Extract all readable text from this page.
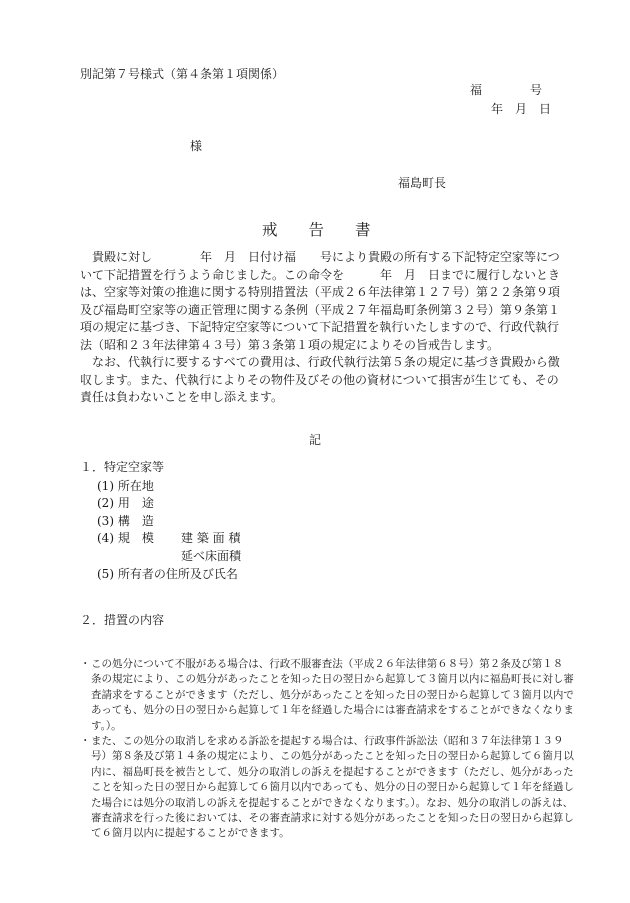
別記第７号様式（第４条第１項関係）
福　　　　号
年　月　日
様
福島町長
戒 告 書
　貴殿に対し　　　　年　月　日付け福　　号により貴殿の所有する下記特定空家等につ
いて下記措置を行うよう命じました。この命令を　　　年　月　日までに履行しないとき
は、空家等対策の推進に関する特別措置法（平成２６年法律第１２７号）第２２条第９項
及び福島町空家等の適正管理に関する条例（平成２７年福島町条例第３２号）第９条第１
項の規定に基づき、下記特定空家等について下記措置を執行いたしますので、行政代執行
法（昭和２３年法律第４３号）第３条第１項の規定によりその旨戒告します。
　なお、代執行に要するすべての費用は、行政代執行法第５条の規定に基づき貴殿から徴
収します。また、代執行によりその物件及びその他の資材について損害が生じても、その
責任は負わないことを申し添えます。
記
１．特定空家等
(1) 所在地
(2) 用　途
(3) 構　造
(4) 規　模 建 築 面 積
延べ床面積
(5) 所有者の住所及び氏名
２．措置の内容
・ この処分について不服がある場合は、行政不服審査法（平成２６年法律第６８号）第２条及び第１８
条の規定により、この処分があったことを知った日の翌日から起算して３箇月以内に福島町長に対し審
査請求をすることができます（ただし、処分があったことを知った日の翌日から起算して３箇月以内で
あっても、処分の日の翌日から起算して１年を経過した場合には審査請求をすることができなくなりま
す。）。
・ また、この処分の取消しを求める訴訟を提起する場合は、行政事件訴訟法（昭和３７年法律第１３９
号）第８条及び第１４条の規定により、この処分があったことを知った日の翌日から起算して６箇月以
内に、福島町長を被告として、処分の取消しの訴えを提起することができます（ただし、処分があった
ことを知った日の翌日から起算して６箇月以内であっても、処分の日の翌日から起算して１年を経過し
た場合には処分の取消しの訴えを提起することができなくなります。）。なお、処分の取消しの訴えは、
審査請求を行った後においては、その審査請求に対する処分があったことを知った日の翌日から起算し
て６箇月以内に提起することができます。
